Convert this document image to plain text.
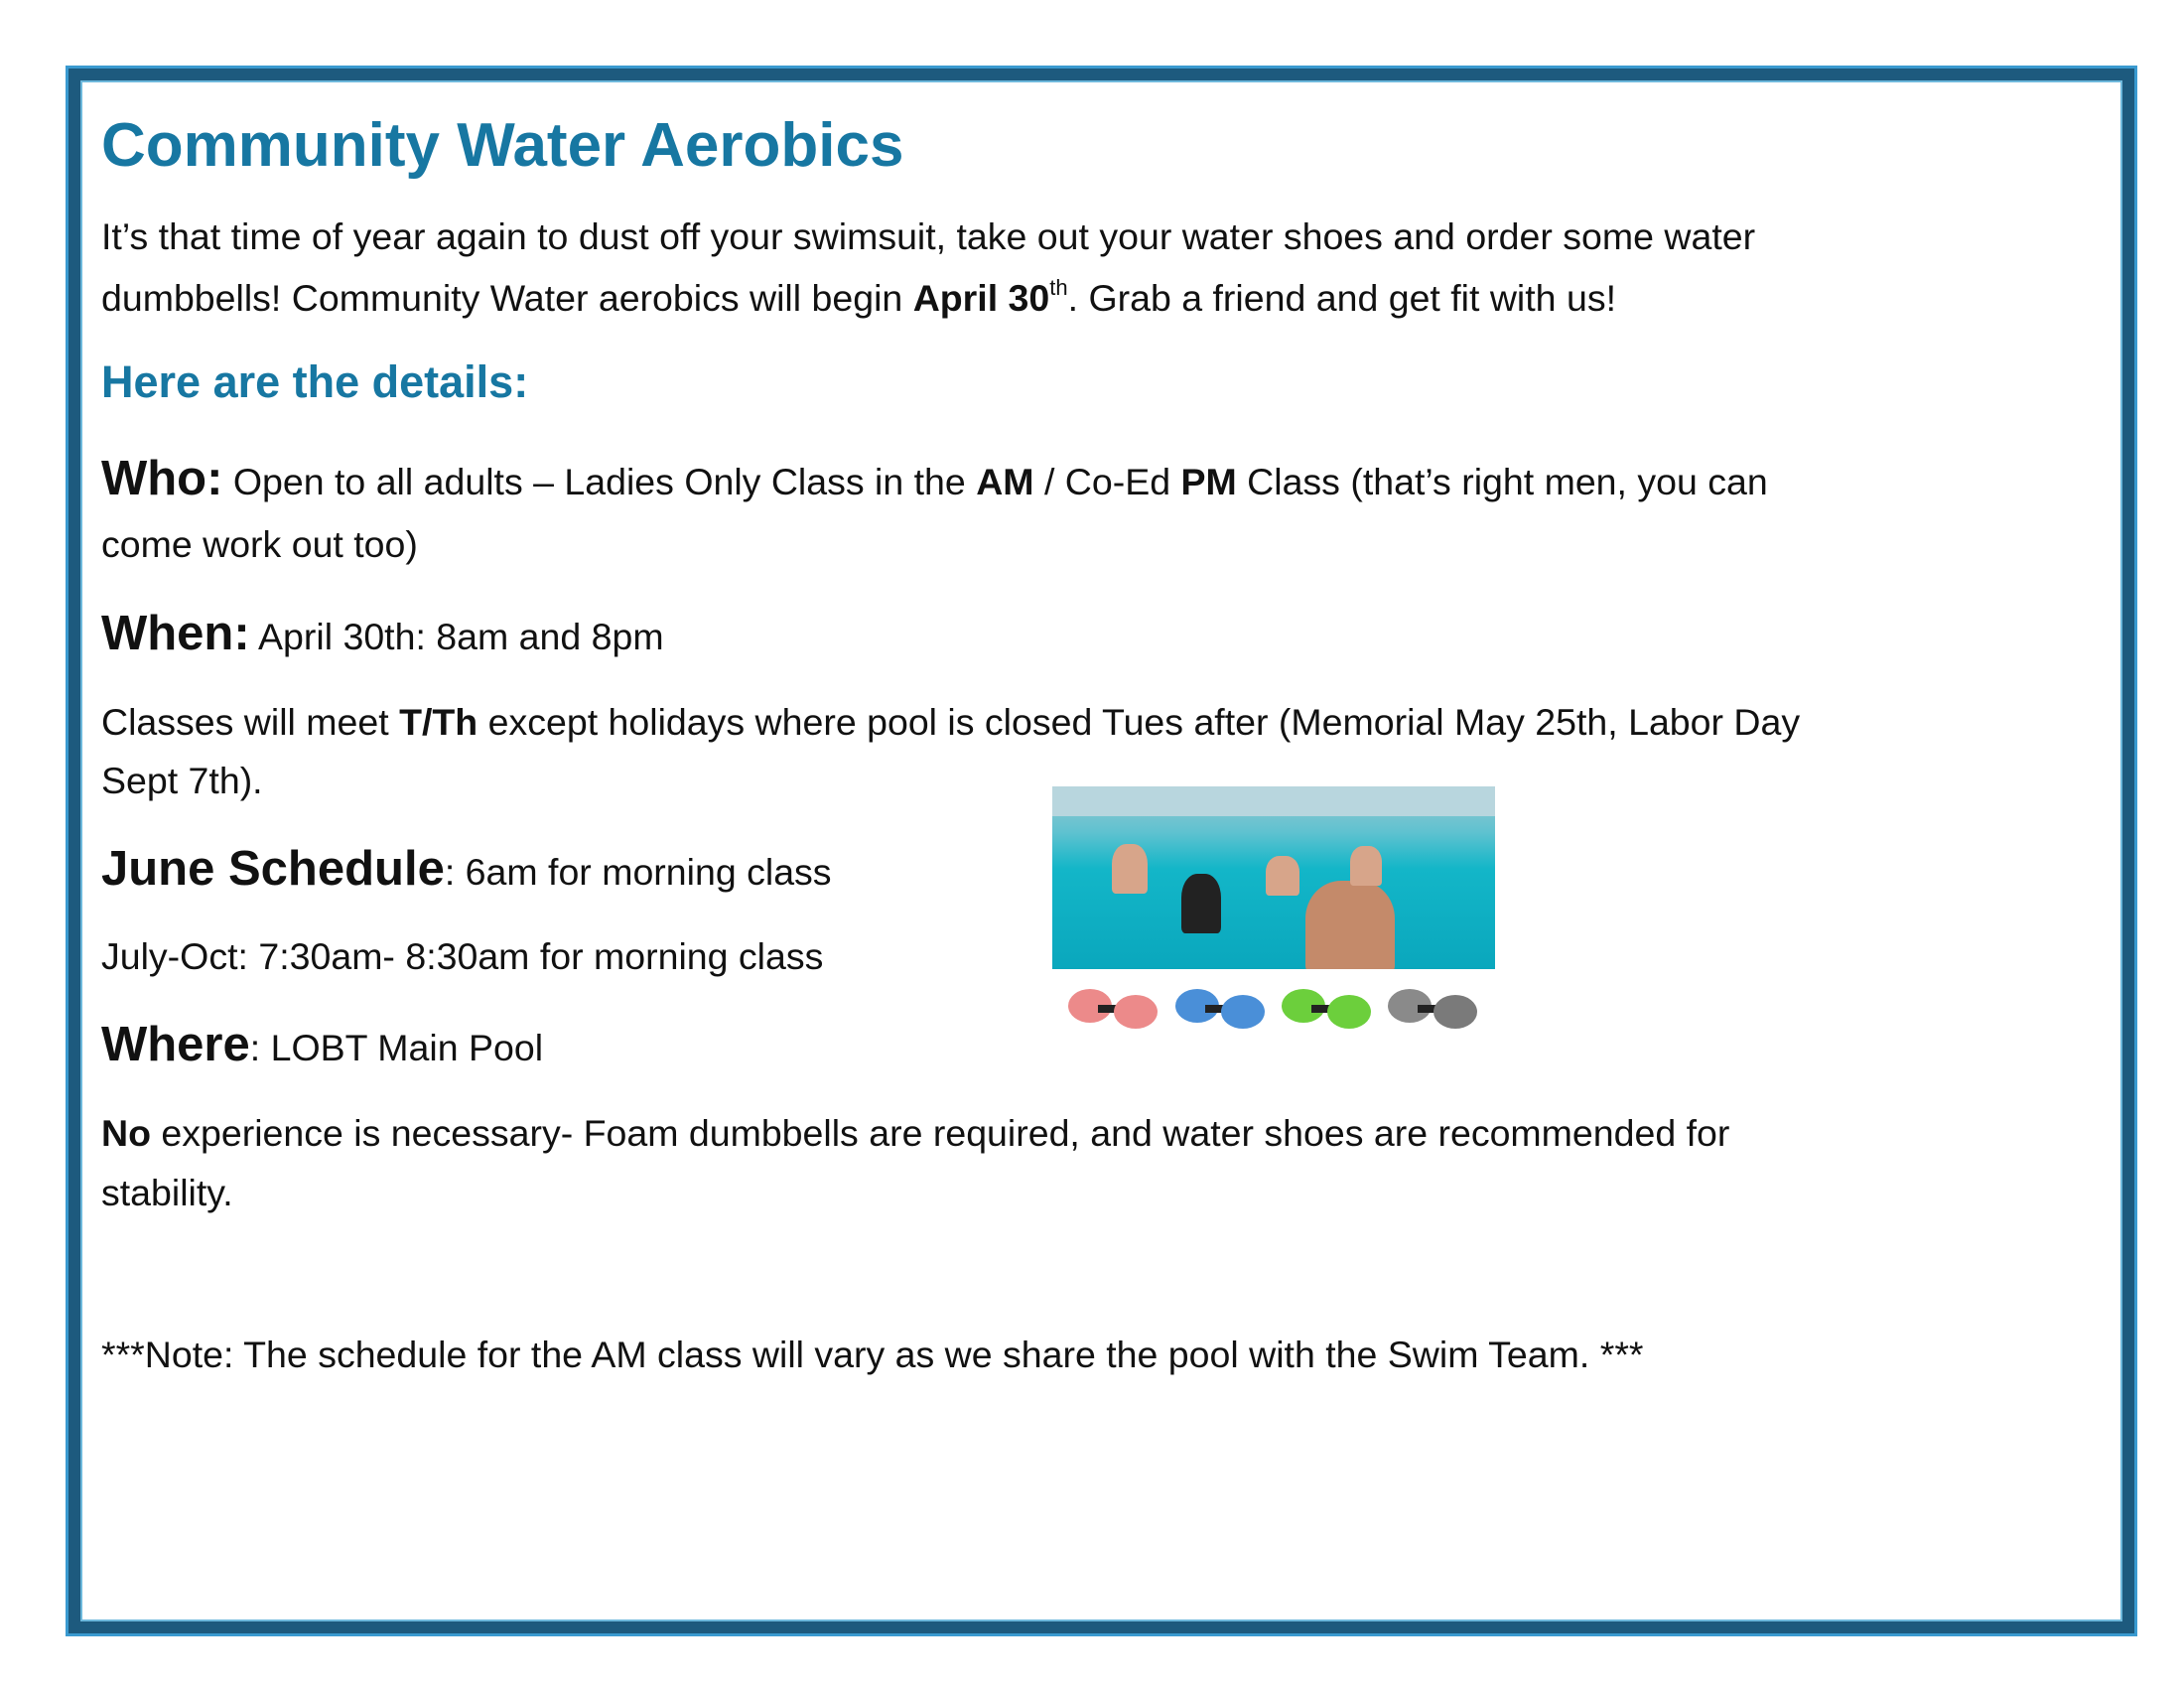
Community Water Aerobics
It’s that time of year again to dust off your swimsuit, take out your water shoes and order some water
dumbbells! Community Water aerobics will begin April 30th. Grab a friend and get fit with us!
Here are the details:
Who: Open to all adults – Ladies Only Class in the AM / Co-Ed PM Class (that’s right men, you can
come work out too)
When: April 30th: 8am and 8pm
Classes will meet T/Th except holidays where pool is closed Tues after (Memorial May 25th, Labor Day
Sept 7th).
June Schedule: 6am for morning class
July-Oct: 7:30am- 8:30am for morning class
Where: LOBT Main Pool
No experience is necessary- Foam dumbbells are required, and water shoes are recommended for
stability.
***Note: The schedule for the AM class will vary as we share the pool with the Swim Team. ***
